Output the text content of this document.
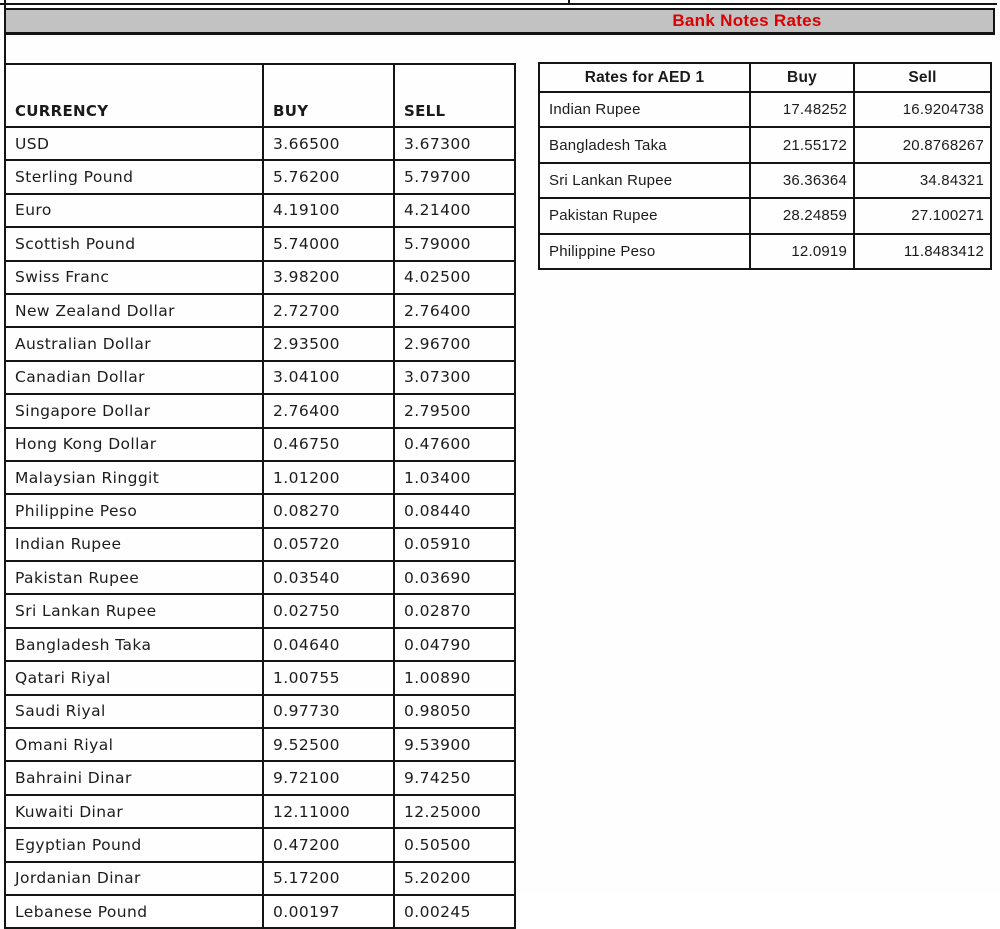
Bank Notes Rates
CURRENCY	BUY	SELL
USD	3.66500	3.67300
Sterling Pound	5.76200	5.79700
Euro	4.19100	4.21400
Scottish Pound	5.74000	5.79000
Swiss Franc	3.98200	4.02500
New Zealand Dollar	2.72700	2.76400
Australian Dollar	2.93500	2.96700
Canadian Dollar	3.04100	3.07300
Singapore Dollar	2.76400	2.79500
Hong Kong Dollar	0.46750	0.47600
Malaysian Ringgit	1.01200	1.03400
Philippine Peso	0.08270	0.08440
Indian Rupee	0.05720	0.05910
Pakistan Rupee	0.03540	0.03690
Sri Lankan Rupee	0.02750	0.02870
Bangladesh Taka	0.04640	0.04790
Qatari Riyal	1.00755	1.00890
Saudi Riyal	0.97730	0.98050
Omani Riyal	9.52500	9.53900
Bahraini Dinar	9.72100	9.74250
Kuwaiti Dinar	12.11000	12.25000
Egyptian Pound	0.47200	0.50500
Jordanian Dinar	5.17200	5.20200
Lebanese Pound	0.00197	0.00245
Rates for AED 1	Buy	Sell
Indian Rupee	17.48252	16.9204738
Bangladesh Taka	21.55172	20.8768267
Sri Lankan Rupee	36.36364	34.84321
Pakistan Rupee	28.24859	27.100271
Philippine Peso	12.0919	11.8483412
